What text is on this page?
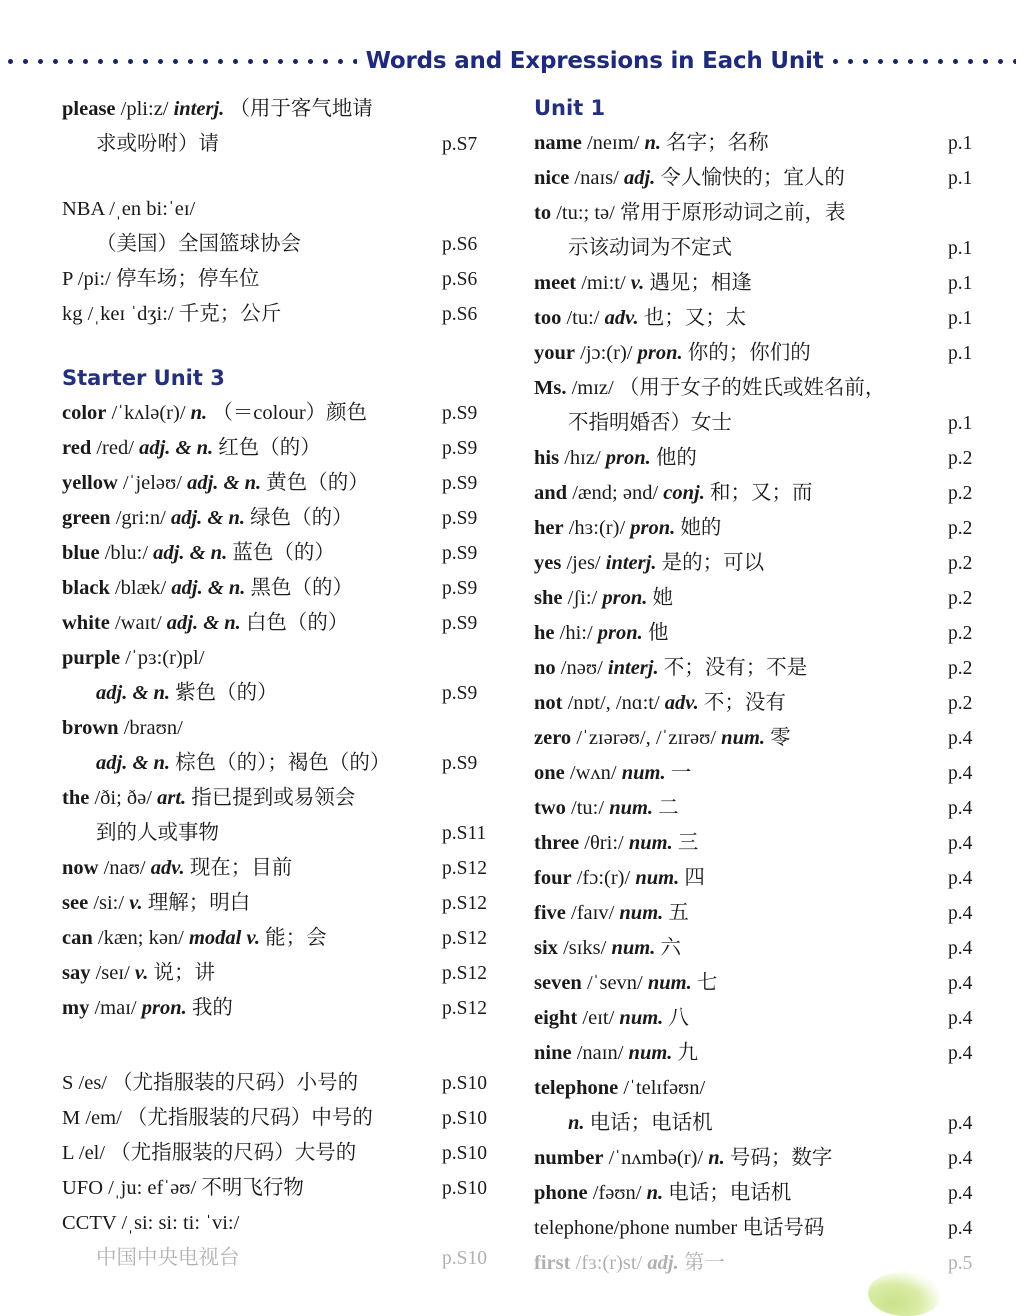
Words and Expressions in Each Unit
please /pli:z/ interj. （用于客气地请
求或吩咐）请	p.S7
NBA /ˌen bi:ˈeɪ/
（美国）全国篮球协会	p.S6
P /pi:/ 停车场；停车位	p.S6
kg /ˌkeɪ ˈdʒi:/ 千克；公斤	p.S6
Starter Unit 3
color /ˈkʌlə(r)/ n. （＝colour）颜色	p.S9
red /red/ adj. & n. 红色（的）	p.S9
yellow /ˈjeləʊ/ adj. & n. 黄色（的）	p.S9
green /gri:n/ adj. & n. 绿色（的）	p.S9
blue /blu:/ adj. & n. 蓝色（的）	p.S9
black /blæk/ adj. & n. 黑色（的）	p.S9
white /waɪt/ adj. & n. 白色（的）	p.S9
purple /ˈpɜ:(r)pl/
adj. & n. 紫色（的）	p.S9
brown /braʊn/
adj. & n. 棕色（的）；褐色（的）	p.S9
the /ði; ðə/ art. 指已提到或易领会
到的人或事物	p.S11
now /naʊ/ adv. 现在；目前	p.S12
see /si:/ v. 理解；明白	p.S12
can /kæn; kən/ modal v. 能；会	p.S12
say /seɪ/ v. 说；讲	p.S12
my /maɪ/ pron. 我的	p.S12
S /es/ （尤指服装的尺码）小号的	p.S10
M /em/ （尤指服装的尺码）中号的	p.S10
L /el/ （尤指服装的尺码）大号的	p.S10
UFO /ˌju: efˈəʊ/ 不明飞行物	p.S10
CCTV /ˌsi: si: ti: ˈvi:/
中国中央电视台	p.S10
Unit 1
name /neɪm/ n. 名字；名称	p.1
nice /naɪs/ adj. 令人愉快的；宜人的	p.1
to /tu:; tə/ 常用于原形动词之前，表
示该动词为不定式	p.1
meet /mi:t/ v. 遇见；相逢	p.1
too /tu:/ adv. 也；又；太	p.1
your /jɔ:(r)/ pron. 你的；你们的	p.1
Ms. /mɪz/ （用于女子的姓氏或姓名前，
不指明婚否）女士	p.1
his /hɪz/ pron. 他的	p.2
and /ænd; ənd/ conj. 和；又；而	p.2
her /hɜ:(r)/ pron. 她的	p.2
yes /jes/ interj. 是的；可以	p.2
she /ʃi:/ pron. 她	p.2
he /hi:/ pron. 他	p.2
no /nəʊ/ interj. 不；没有；不是	p.2
not /nɒt/, /nɑ:t/ adv. 不；没有	p.2
zero /ˈzɪərəʊ/, /ˈzɪrəʊ/ num. 零	p.4
one /wʌn/ num. 一	p.4
two /tu:/ num. 二	p.4
three /θri:/ num. 三	p.4
four /fɔ:(r)/ num. 四	p.4
five /faɪv/ num. 五	p.4
six /sɪks/ num. 六	p.4
seven /ˈsevn/ num. 七	p.4
eight /eɪt/ num. 八	p.4
nine /naɪn/ num. 九	p.4
telephone /ˈtelɪfəʊn/
n. 电话；电话机	p.4
number /ˈnʌmbə(r)/ n. 号码；数字	p.4
phone /fəʊn/ n. 电话；电话机	p.4
telephone/phone number 电话号码	p.4
first /fɜ:(r)st/ adj. 第一	p.5
